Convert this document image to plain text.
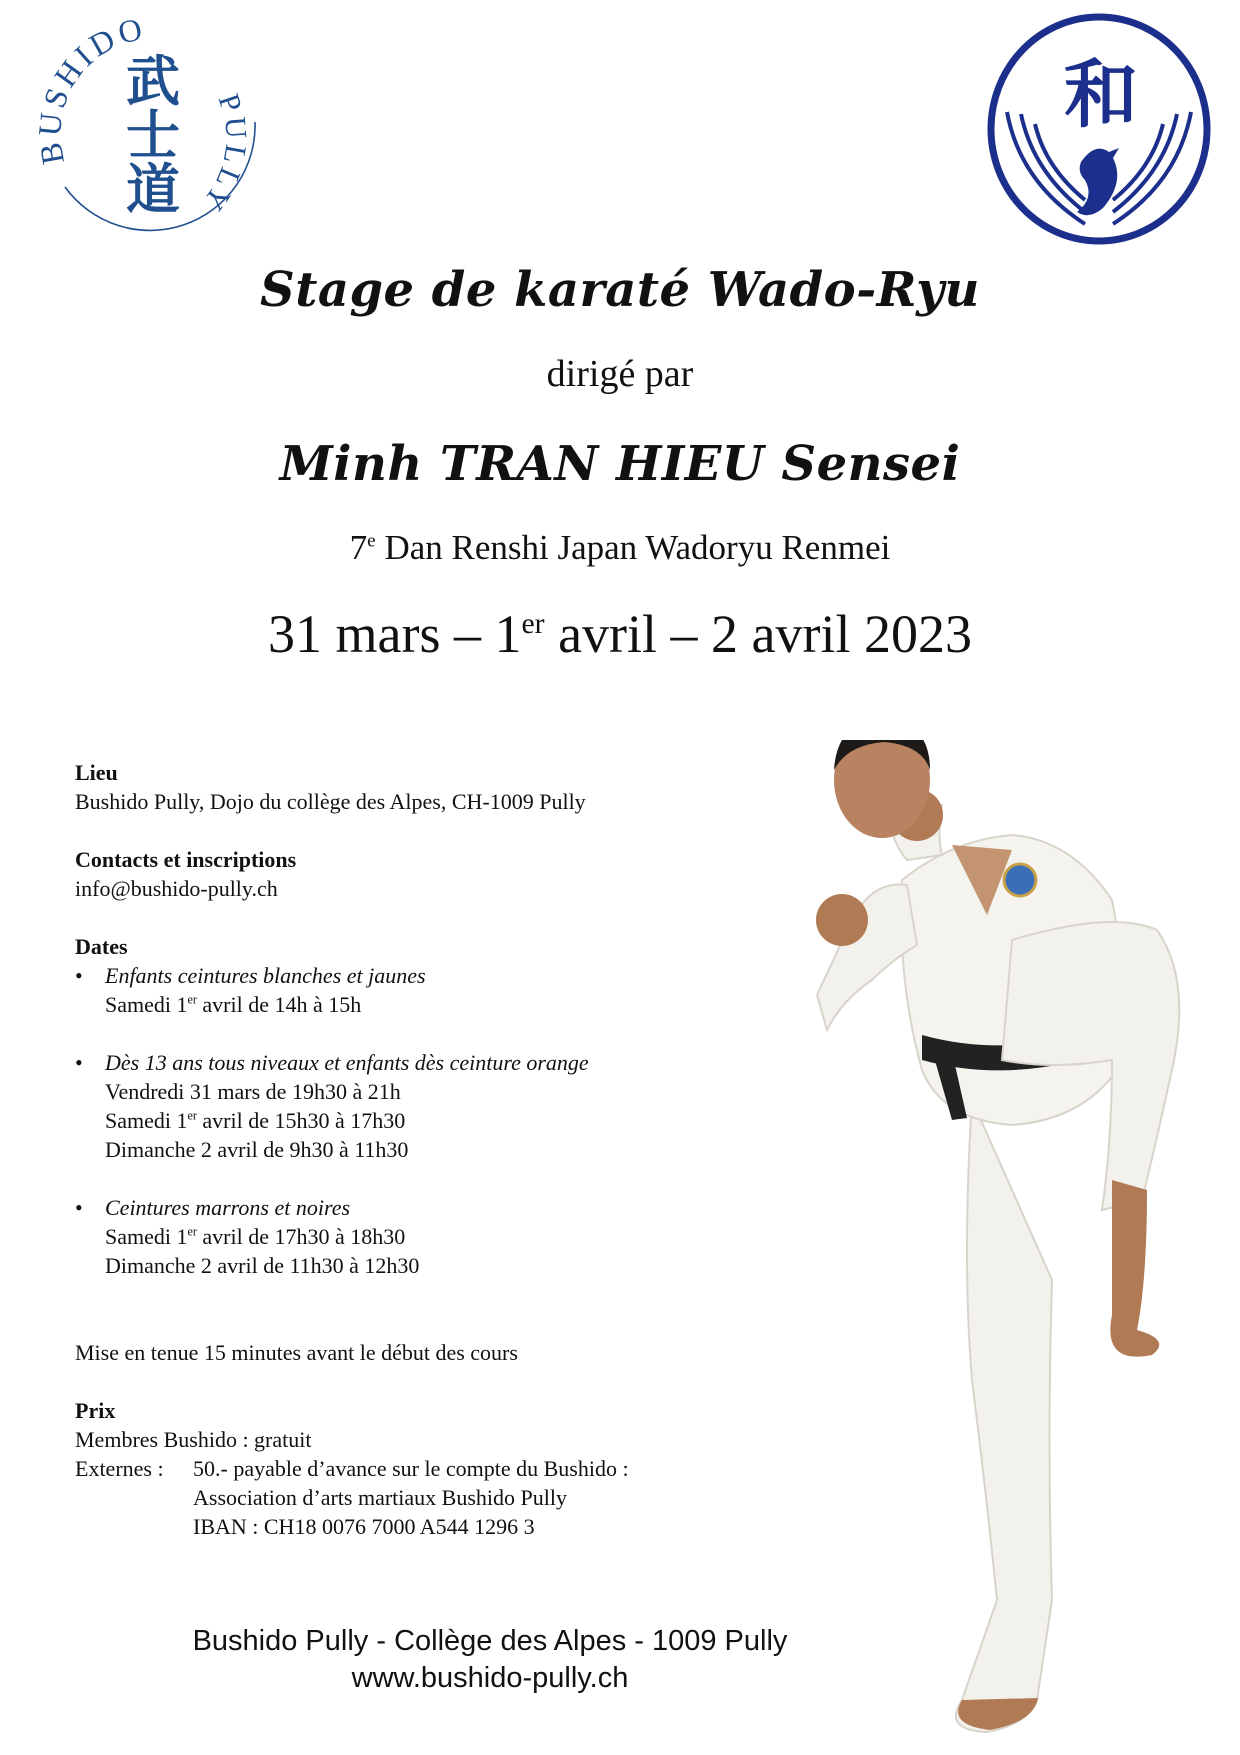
BUSHIDO
PULLY
武
士
道
和
Stage de karaté Wado-Ryu
dirigé par
Minh TRAN HIEU Sensei
7e Dan Renshi Japan Wadoryu Renmei
31 mars – 1er avril – 2 avril 2023
Lieu
Bushido Pully, Dojo du collège des Alpes, CH-1009 Pully
Contacts et inscriptions
info@bushido-pully.ch
Dates
• Enfants ceintures blanches et jaunes
Samedi 1er avril de 14h à 15h
• Dès 13 ans tous niveaux et enfants dès ceinture orange
Vendredi 31 mars de 19h30 à 21h
Samedi 1er avril de 15h30 à 17h30
Dimanche 2 avril de 9h30 à 11h30
• Ceintures marrons et noires
Samedi 1er avril de 17h30 à 18h30
Dimanche 2 avril de 11h30 à 12h30
Mise en tenue 15 minutes avant le début des cours
Prix
Membres Bushido : gratuit
Externes :	50.- payable d’avance sur le compte du Bushido :
Association d’arts martiaux Bushido Pully
IBAN : CH18 0076 7000 A544 1296 3
Bushido Pully - Collège des Alpes - 1009 Pully
www.bushido-pully.ch
